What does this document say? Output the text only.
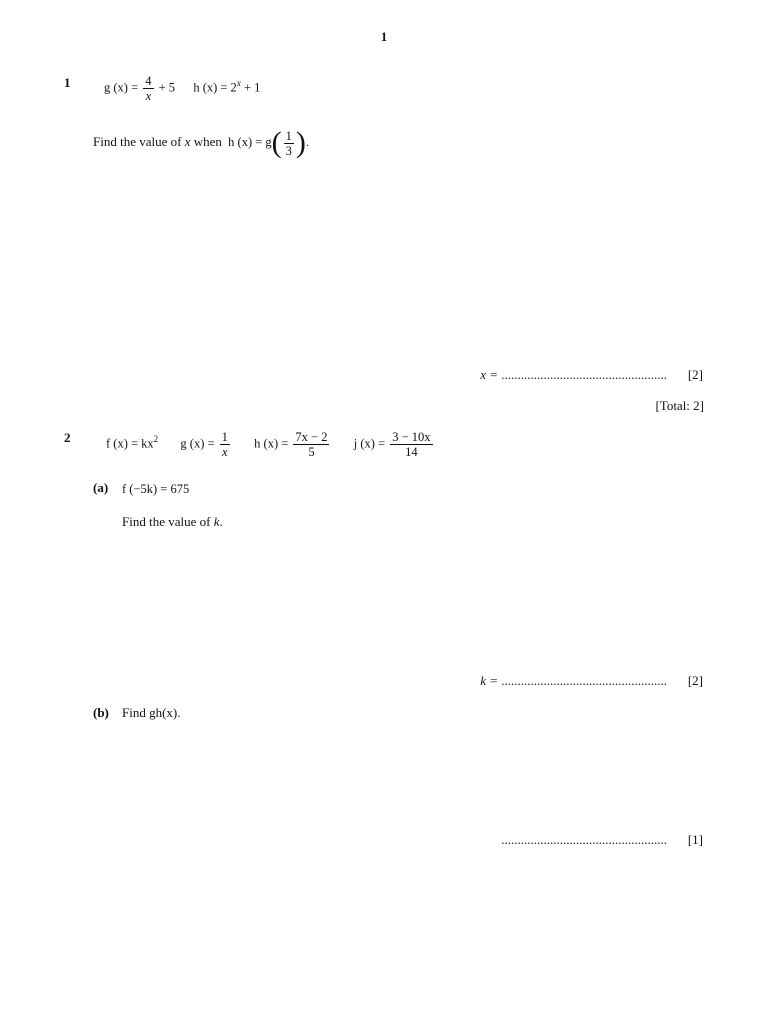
1
1	g $(x) = \frac{4}{x} + 5$ h $(x) = 2^x + 1$
Find the value of x when h $(x) = g( \frac{1}{3}$ ).
x = ................................................... [2]
[Total: 2]
2	f $(x) = kx^2$ g $(x) = \frac{1}{x}$ h $(x) = \frac{7x - 2}{5}$ j $(x) = \frac{3 - 10x}{14}$
(a) f (−5k) = 675
Find the value of k.
k = ................................................... [2]
(b) Find gh(x).
................................................... [1]
